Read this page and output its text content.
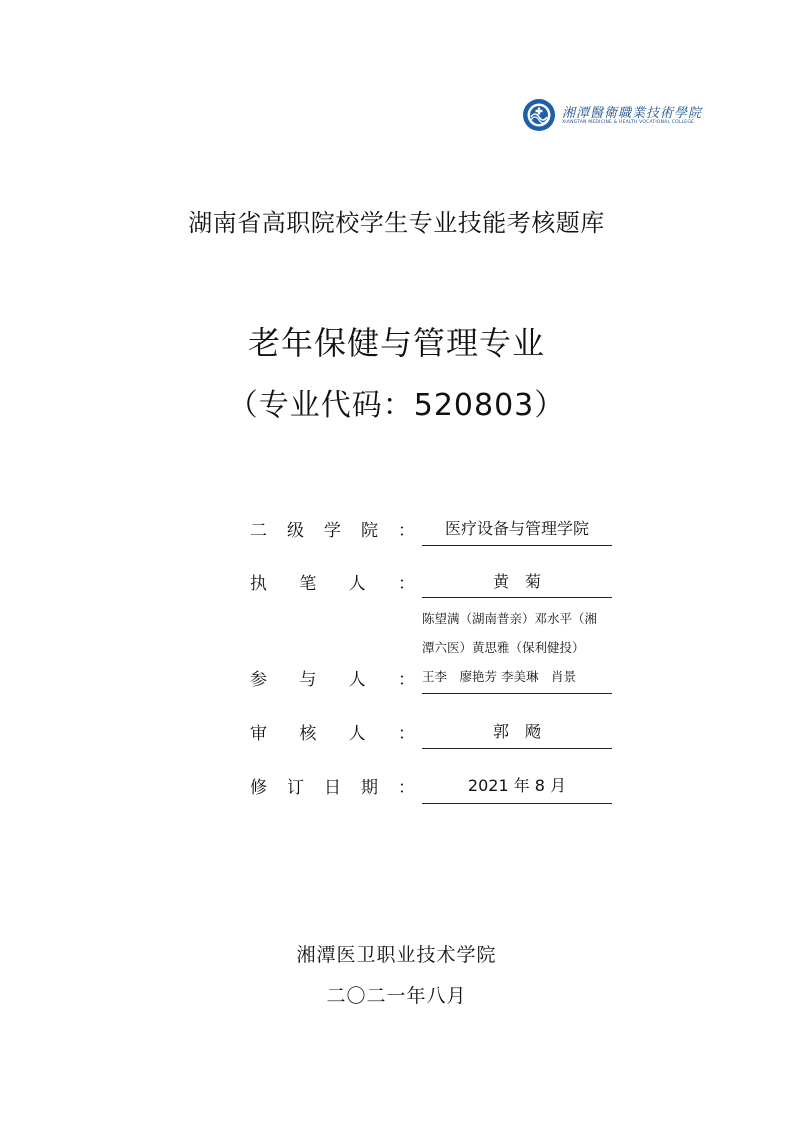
湘潭醫衛職業技術學院
XIANGTAN MEDICINE & HEALTH VOCATIONAL COLLEGE
湖南省高职院校学生专业技能考核题库
老年保健与管理专业
（专业代码：520803）
二 级 学 院 ：	医疗设备与管理学院
执 笔 人 ：	黄　菊
参 与 人 ：
陈望满（湖南普亲）邓水平（湘
潭六医）黄思雅（保利健投）
王李　廖艳芳 李美琳　肖景
审 核 人 ：	郭　飏
修 订 日 期 ：	2021 年 8 月
湘潭医卫职业技术学院
二〇二一年八月
